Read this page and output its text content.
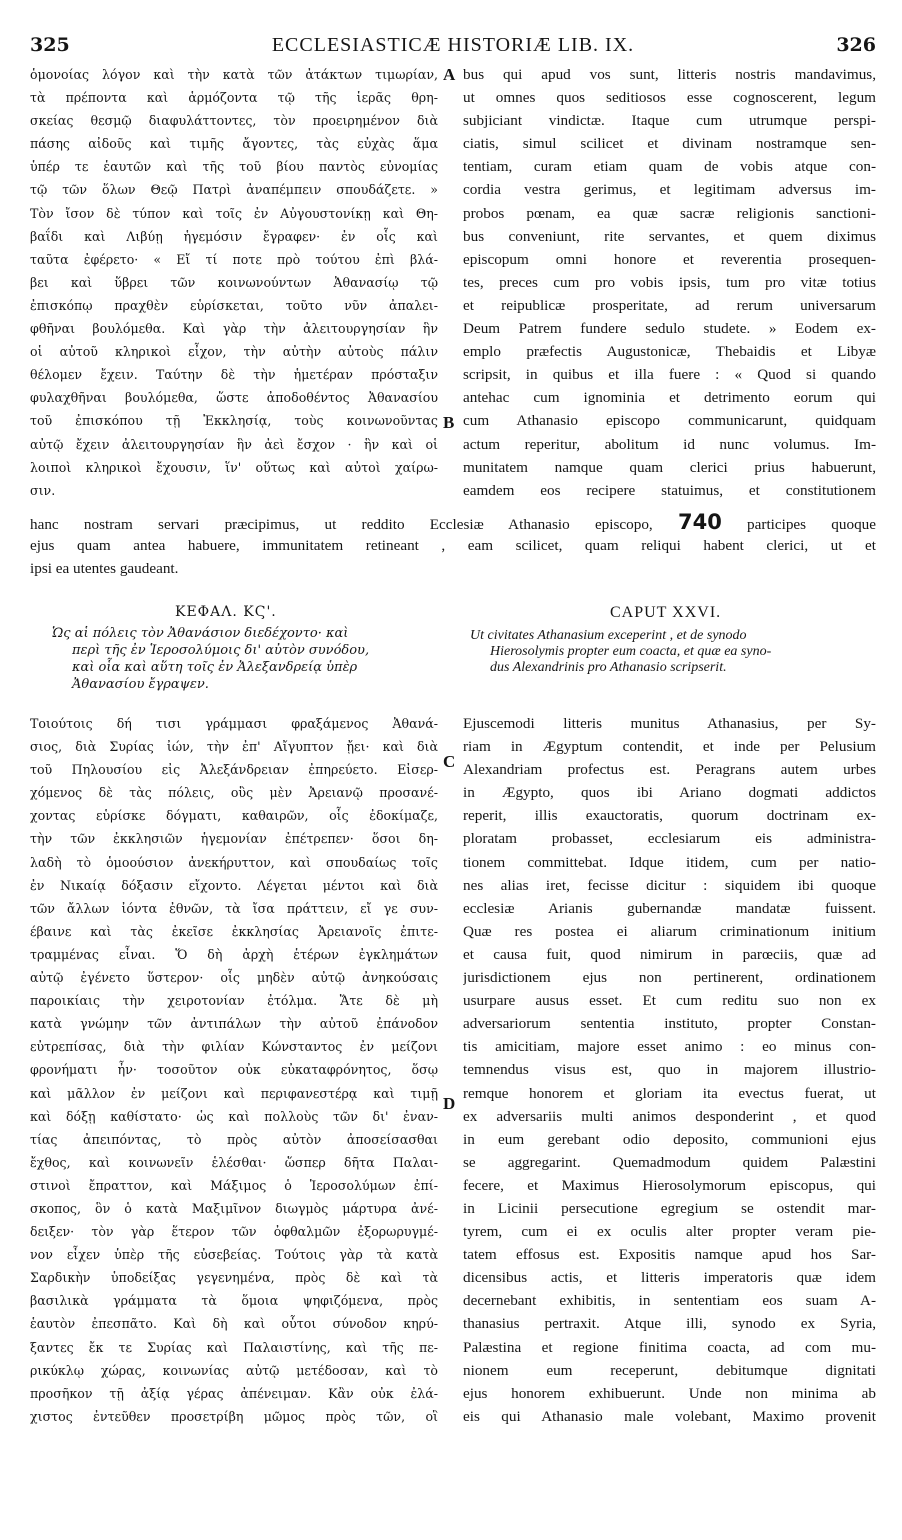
325	ECCLESIASTICÆ HISTORIÆ LIB. IX.	326
ὁμονοίας λόγον καὶ τὴν κατὰ τῶν ἀτάκτων τιμωρίαν,
τὰ πρέποντα καὶ ἁρμόζοντα τῷ τῆς ἱερᾶς θρη-
σκείας θεσμῷ διαφυλάττοντες, τὸν προειρημένον διὰ
πάσης αἰδοῦς καὶ τιμῆς ἄγοντες, τὰς εὐχὰς ἅμα
ὑπέρ τε ἑαυτῶν καὶ τῆς τοῦ βίου παντὸς εὐνομίας
τῷ τῶν ὅλων Θεῷ Πατρὶ ἀναπέμπειν σπουδάζετε. »
Τὸν ἴσον δὲ τύπον καὶ τοῖς ἐν Αὐγουστονίκῃ καὶ Θη-
βαΐδι καὶ Λιβύῃ ἡγεμόσιν ἔγραφεν· ἐν οἷς καὶ
ταῦτα ἐφέρετο· « Εἴ τί ποτε πρὸ τούτου ἐπὶ βλά-
βει καὶ ὕβρει τῶν κοινωνούντων Ἀθανασίῳ τῷ
ἐπισκόπῳ πραχθὲν εὑρίσκεται, τοῦτο νῦν ἀπαλει-
φθῆναι βουλόμεθα. Καὶ γὰρ τὴν ἀλειτουργησίαν ἣν
οἱ αὐτοῦ κληρικοὶ εἶχον, τὴν αὐτὴν αὐτοὺς πάλιν
θέλομεν ἔχειν. Ταύτην δὲ τὴν ἡμετέραν πρόσταξιν
φυλαχθῆναι βουλόμεθα, ὥστε ἀποδοθέντος Ἀθανασίου
τοῦ ἐπισκόπου τῇ Ἐκκλησίᾳ, τοὺς κοινωνοῦντας
αὐτῷ ἔχειν ἀλειτουργησίαν ἣν ἀεὶ ἔσχον · ἣν καὶ οἱ
λοιποὶ κληρικοὶ ἔχουσιν, ἵν' οὕτως καὶ αὐτοὶ χαίρω-
σιν.
bus qui apud vos sunt, litteris nostris mandavimus,
ut omnes quos seditiosos esse cognoscerent, legum
subjiciant vindictæ. Itaque cum utrumque perspi-
ciatis, simul scilicet et divinam nostramque sen-
tentiam, curam etiam quam de vobis atque con-
cordia vestra gerimus, et legitimam adversus im-
probos pœnam, ea quæ sacræ religionis sanctioni-
bus conveniunt, rite servantes, et quem diximus
episcopum omni honore et reverentia prosequen-
tes, preces cum pro vobis ipsis, tum pro vitæ totius
et reipublicæ prosperitate, ad rerum universarum
Deum Patrem fundere sedulo studete. » Eodem ex-
emplo præfectis Augustonicæ, Thebaidis et Libyæ
scripsit, in quibus et illa fuere : « Quod si quando
antehac cum ignominia et detrimento eorum qui
cum Athanasio episcopo communicarunt, quidquam
actum reperitur, abolitum id nunc volumus. Im-
munitatem namque quam clerici prius habuerunt,
eamdem eos recipere statuimus, et constitutionem
A
B
hanc nostram servari præcipimus, ut reddito Ecclesiæ Athanasio episcopo, 740 participes quoque
ejus quam antea habuere, immunitatem retineant , eam scilicet, quam reliqui habent clerici, ut et
ipsi ea utentes gaudeant.
ΚΕΦΑΛ. ΚϚ'.	CAPUT XXVI.
Ὡς αἱ πόλεις τὸν Ἀθανάσιον διεδέχοντο· καὶ
περὶ τῆς ἐν Ἱεροσολύμοις δι' αὐτὸν συνόδου,
καὶ οἷα καὶ αὕτη τοῖς ἐν Ἀλεξανδρείᾳ ὑπὲρ
Ἀθανασίου ἔγραψεν.
Ut civitates Athanasium exceperint , et de synodo
Hierosolymis propter eum coacta, et quæ ea syno-
dus Alexandrinis pro Athanasio scripserit.
Τοιούτοις δή τισι γράμμασι φραξάμενος Ἀθανά-
σιος, διὰ Συρίας ἰών, τὴν ἐπ' Αἴγυπτον ᾔει· καὶ διὰ
τοῦ Πηλουσίου εἰς Ἀλεξάνδρειαν ἐπηρεύετο. Εἰσερ-
χόμενος δὲ τὰς πόλεις, οὓς μὲν Ἀρειανῷ προσανέ-
χοντας εὑρίσκε δόγματι, καθαιρῶν, οἷς ἐδοκίμαζε,
τὴν τῶν ἐκκλησιῶν ἡγεμονίαν ἐπέτρεπεν· ὅσοι δη-
λαδὴ τὸ ὁμοούσιον ἀνεκήρυττον, καὶ σπουδαίως τοῖς
ἐν Νικαίᾳ δόξασιν εἴχοντο. Λέγεται μέντοι καὶ διὰ
τῶν ἄλλων ἰόντα ἐθνῶν, τὰ ἴσα πράττειν, εἴ γε συν-
έβαινε καὶ τὰς ἐκεῖσε ἐκκλησίας Ἀρειανοῖς ἐπιτε-
τραμμένας εἶναι. Ὅ δὴ ἀρχὴ ἑτέρων ἐγκλημάτων
αὐτῷ ἐγένετο ὕστερον· οἷς μηδὲν αὐτῷ ἀνηκούσαις
παροικίαις τὴν χειροτονίαν ἐτόλμα. Ἅτε δὲ μὴ
κατὰ γνώμην τῶν ἀντιπάλων τὴν αὐτοῦ ἐπάνοδον
εὐτρεπίσας, διὰ τὴν φιλίαν Κώνσταντος ἐν μείζονι
φρονήματι ἦν· τοσοῦτον οὐκ εὐκαταφρόνητος, ὅσῳ
καὶ μᾶλλον ἐν μείζονι καὶ περιφανεστέρᾳ καὶ τιμῇ
καὶ δόξῃ καθίστατο· ὡς καὶ πολλοὺς τῶν δι' ἐναν-
τίας ἀπειπόντας, τὸ πρὸς αὐτὸν ἀποσείσασθαι
ἔχθος, καὶ κοινωνεῖν ἑλέσθαι· ὥσπερ δῆτα Παλαι-
στινοὶ ἔπραττον, καὶ Μάξιμος ὁ Ἱεροσολύμων ἐπί-
σκοπος, ὃν ὁ κατὰ Μαξιμῖνον διωγμὸς μάρτυρα ἀνέ-
δειξεν· τὸν γὰρ ἕτερον τῶν ὀφθαλμῶν ἐξορωρυγμέ-
νον εἶχεν ὑπὲρ τῆς εὐσεβείας. Τούτοις γὰρ τὰ κατὰ
Σαρδικὴν ὑποδείξας γεγενημένα, πρὸς δὲ καὶ τὰ
βασιλικὰ γράμματα τὰ ὅμοια ψηφιζόμενα, πρὸς
ἑαυτὸν ἐπεσπᾶτο. Καὶ δὴ καὶ οὗτοι σύνοδον κηρύ-
ξαντες ἔκ τε Συρίας καὶ Παλαιστίνης, καὶ τῆς πε-
ρικύκλῳ χώρας, κοινωνίας αὐτῷ μετέδοσαν, καὶ τὸ
προσῆκον τῇ ἀξίᾳ γέρας ἀπένειμαν. Κἂν οὐκ ἐλά-
χιστος ἐντεῦθεν προσετρίβη μῶμος πρὸς τῶν, οἳ
Ejuscemodi litteris munitus Athanasius, per Sy-
riam in Ægyptum contendit, et inde per Pelusium
Alexandriam profectus est. Peragrans autem urbes
in Ægypto, quos ibi Ariano dogmati addictos
reperit, illis exauctoratis, quorum doctrinam ex-
ploratam probasset, ecclesiarum eis administra-
tionem committebat. Idque itidem, cum per natio-
nes alias iret, fecisse dicitur : siquidem ibi quoque
ecclesiæ Arianis gubernandæ mandatæ fuissent.
Quæ res postea ei aliarum criminationum initium
et causa fuit, quod nimirum in parœciis, quæ ad
jurisdictionem ejus non pertinerent, ordinationem
usurpare ausus esset. Et cum reditu suo non ex
adversariorum sententia instituto, propter Constan-
tis amicitiam, majore esset animo : eo minus con-
temnendus visus est, quo in majorem illustrio-
remque honorem et gloriam ita evectus fuerat, ut
ex adversariis multi animos desponderint , et quod
in eum gerebant odio deposito, communioni ejus
se aggregarint. Quemadmodum quidem Palæstini
fecere, et Maximus Hierosolymorum episcopus, qui
in Licinii persecutione egregium se ostendit mar-
tyrem, cum ei ex oculis alter propter veram pie-
tatem effosus est. Expositis namque apud hos Sar-
dicensibus actis, et litteris imperatoris quæ idem
decernebant exhibitis, in sententiam eos suam A-
thanasius pertraxit. Atque illi, synodo ex Syria,
Palæstina et regione finitima coacta, ad com mu-
nionem eum receperunt, debitumque dignitati
ejus honorem exhibuerunt. Unde non minima ab
eis qui Athanasio male volebant, Maximo provenit
C
D
